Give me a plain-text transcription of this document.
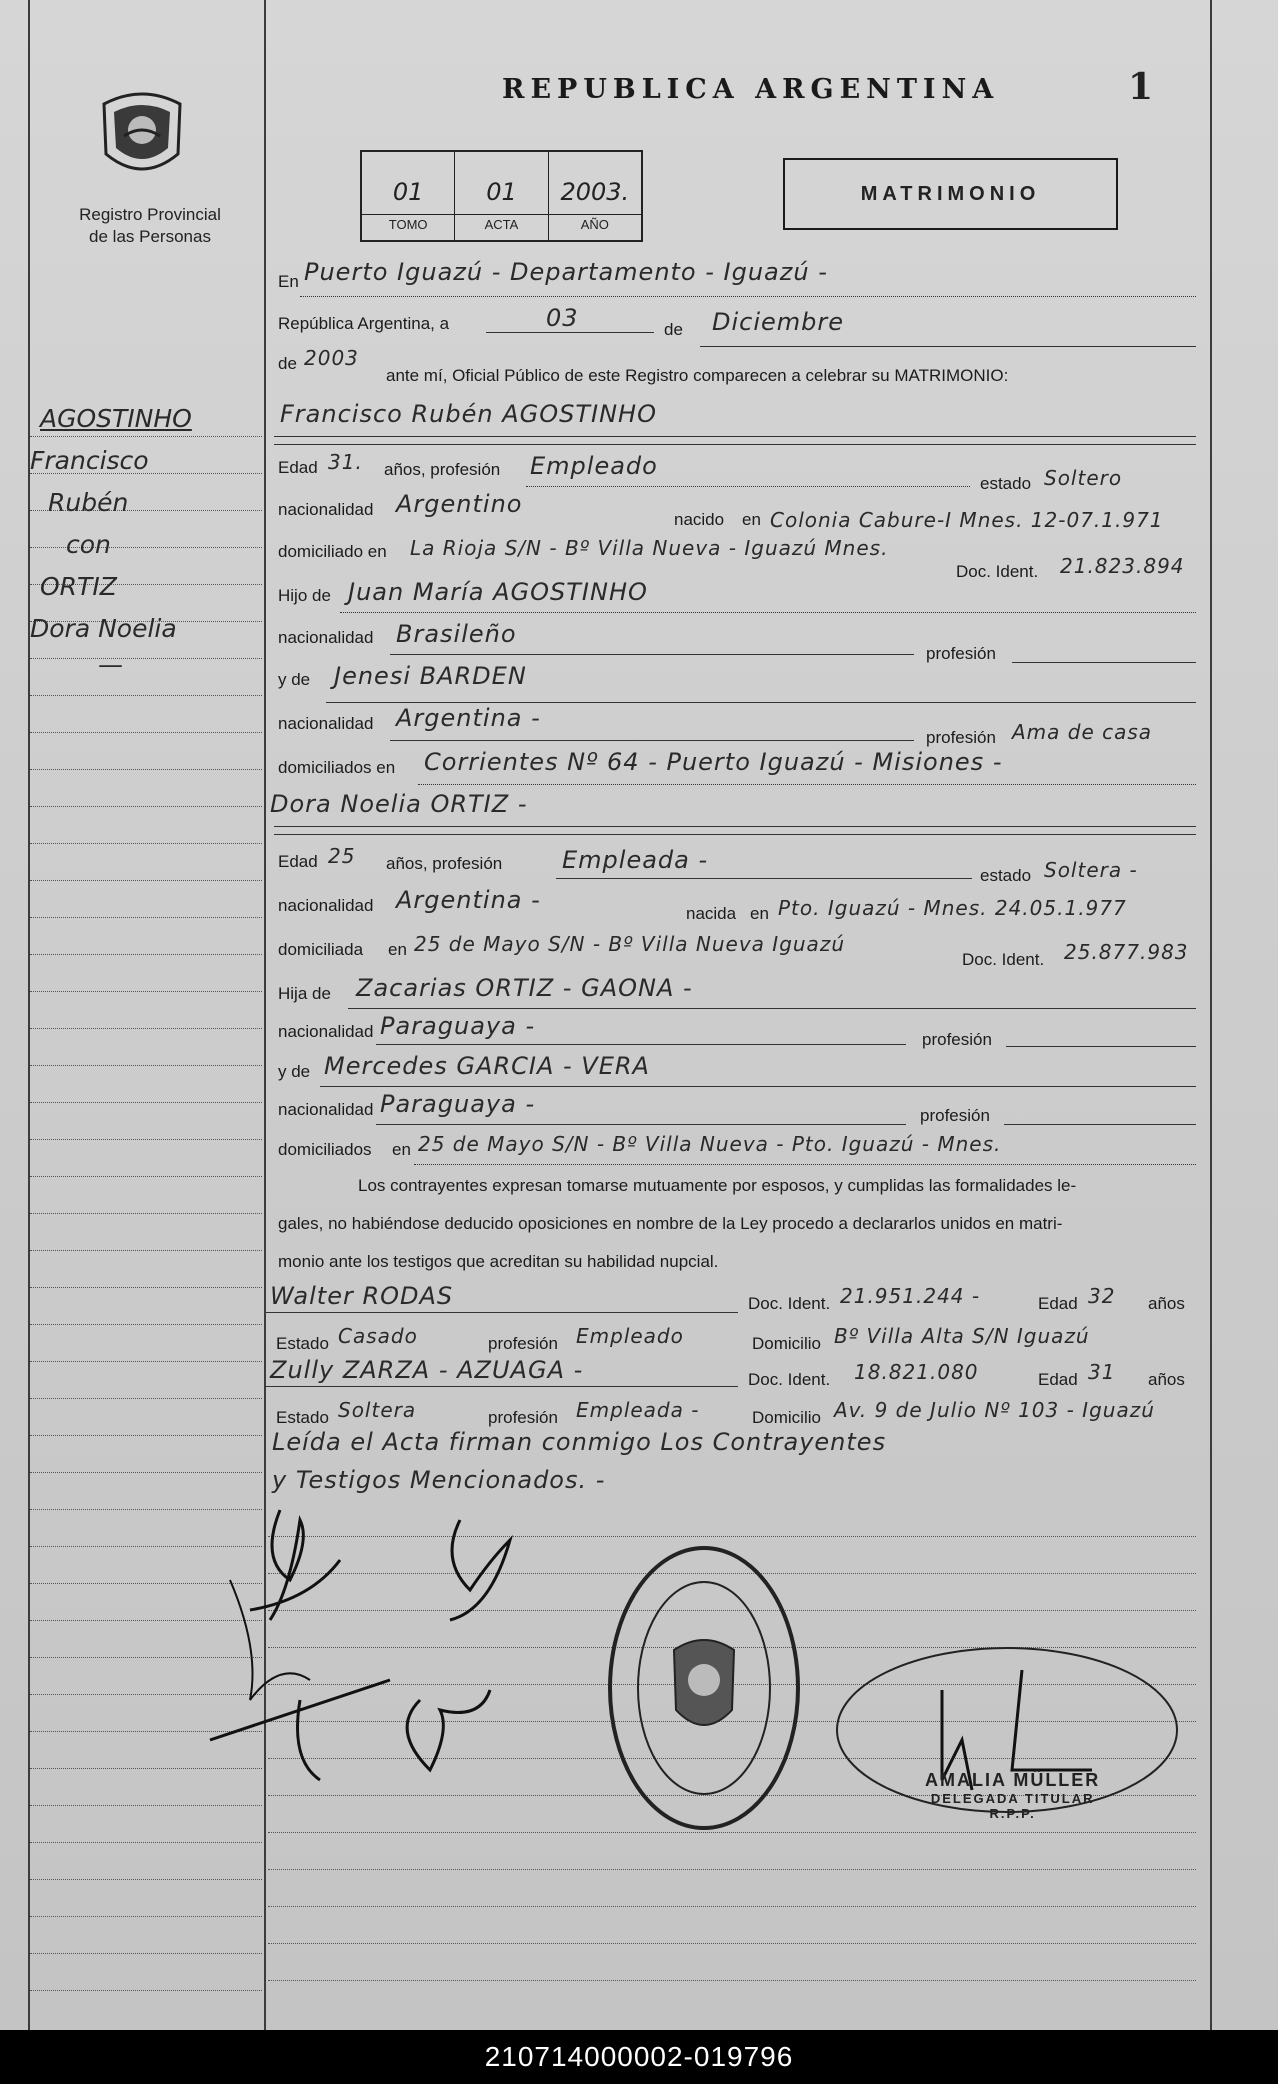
Registro Provincial
de las Personas
REPUBLICA ARGENTINA	1
01
TOMO
01
ACTA
2003.
AÑO
MATRIMONIO
AGOSTINHO
Francisco
Rubén
con
ORTIZ
Dora Noelia
—
En Puerto Iguazú - Departamento - Iguazú -
República Argentina, a	03	de Diciembre
de 2003
ante mí, Oficial Público de este Registro comparecen a celebrar su MATRIMONIO:
Francisco Rubén AGOSTINHO
Edad 31. años, profesión Empleado
estado Soltero
nacionalidad Argentino
nacido en Colonia Cabure-I Mnes. 12-07.1.971
domiciliado en La Rioja S/N - Bº Villa Nueva - Iguazú Mnes.
Doc. Ident. 21.823.894
Hijo de Juan María AGOSTINHO
nacionalidad Brasileño
profesión
y de Jenesi BARDEN
nacionalidad Argentina -
profesión Ama de casa
domiciliados en Corrientes Nº 64 - Puerto Iguazú - Misiones -
Dora Noelia ORTIZ -
Edad 25 años, profesión Empleada -
estado Soltera -
nacionalidad Argentina -	nacida en Pto. Iguazú - Mnes. 24.05.1.977
domiciliada en 25 de Mayo S/N - Bº Villa Nueva Iguazú
Doc. Ident. 25.877.983
Hija de Zacarias ORTIZ - GAONA -
nacionalidad Paraguaya -	profesión
y de Mercedes GARCIA - VERA
nacionalidad Paraguaya -	profesión
domiciliados en 25 de Mayo S/N - Bº Villa Nueva - Pto. Iguazú - Mnes.
Los contrayentes expresan tomarse mutuamente por esposos, y cumplidas las formalidades le-
gales, no habiéndose deducido oposiciones en nombre de la Ley procedo a declararlos unidos en matri-
monio ante los testigos que acreditan su habilidad nupcial.
Walter RODAS	Doc. Ident. 21.951.244 -	Edad 32 años
Estado Casado	profesión Empleado	Domicilio Bº Villa Alta S/N Iguazú
Zully ZARZA - AZUAGA -	Doc. Ident. 18.821.080	Edad 31 años
Estado Soltera	profesión Empleada -	Domicilio Av. 9 de Julio Nº 103 - Iguazú
Leída el Acta firman conmigo Los Contrayentes
y Testigos Mencionados. -
AMALIA MÜLLER
DELEGADA TITULAR
R.P.P.
210714000002-019796
